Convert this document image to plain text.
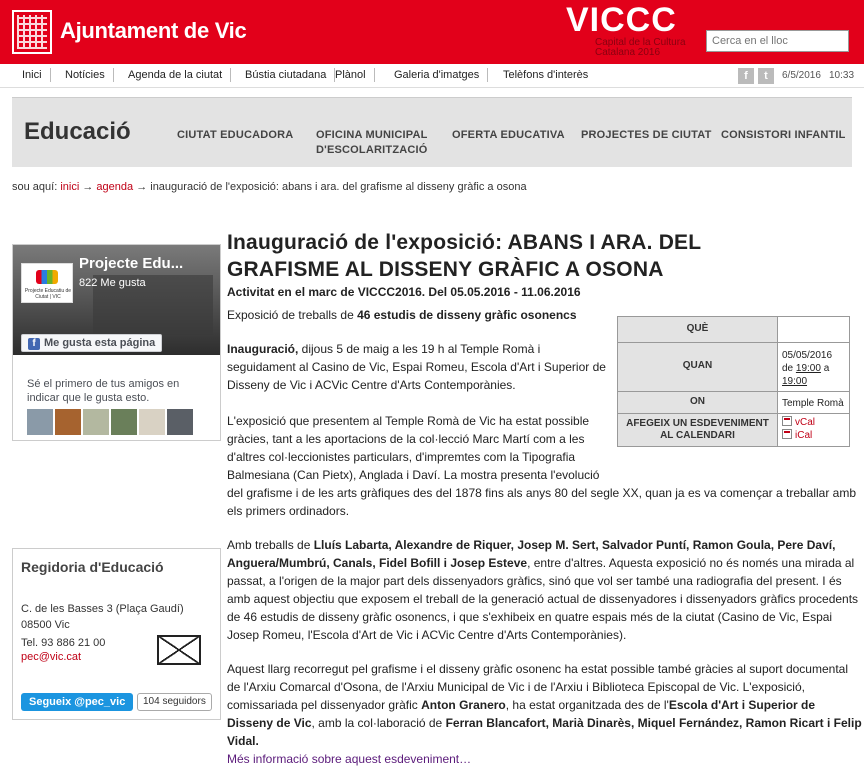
Ajuntament de Vic	VICCC
Capital de la Cultura Catalana 2016
Cerca en el lloc
Inici	Notícies	Agenda de la ciutat	Bústia ciutadana Plànol	Galeria d'imatges	Telèfons d'interès	f	t	6/5/2016 10:33
Educació	CIUTAT EDUCADORA OFICINA MUNICIPAL D'ESCOLARITZACIÓ
OFERTA EDUCATIVA PROJECTES DE CIUTAT CONSISTORI INFANTIL
sou aquí: inici → agenda → inauguració de l'exposició: abans i ara. del grafisme al disseny gràfic a osona
Projecte Educatiu de Ciutat | VIC
Projecte Edu...
822 Me gusta
f Me gusta esta página
Sé el primero de tus amigos en indicar que le gusta esto.
Regidoria d'Educació
C. de les Basses 3 (Plaça Gaudí)
08500 Vic
Tel. 93 886 21 00
pec@vic.cat
Segueix @pec_vic	104 seguidors
Inauguració de l'exposició: ABANS I ARA. DEL GRAFISME AL DISSENY GRÀFIC A OSONA
Activitat en el marc de VICCC2016. Del 05.05.2016 - 11.06.2016
Exposició de treballs de 46 estudis de disseny gràfic osonencs
Inauguració, dijous 5 de maig a les 19 h al Temple Romà i
seguidament al Casino de Vic, Espai Romeu, Escola d'Art i Superior de
Disseny de Vic i ACVic Centre d'Arts Contemporànies.
L'exposició que presentem al Temple Romà de Vic ha estat possible
gràcies, tant a les aportacions de la col·lecció Marc Martí com a les
d'altres col·leccionistes particulars, d'impremtes com la Tipografia
Balmesiana (Can Pietx), Anglada i Daví. La mostra presenta l'evolució
del grafisme i de les arts gràfiques des del 1878 fins als anys 80 del segle XX, quan ja es va començar a treballar amb
els primers ordinadors.
Amb treballs de Lluís Labarta, Alexandre de Riquer, Josep M. Sert, Salvador Puntí, Ramon Goula, Pere Daví,
Anguera/Mumbrú, Canals, Fidel Bofill i Josep Esteve, entre d'altres. Aquesta exposició no és només una mirada al
passat, a l'origen de la major part dels dissenyadors gràfics, sinó que vol ser també una radiografia del present. I és
amb aquest objectiu que exposem el treball de la generació actual de dissenyadores i dissenyadors gràfics procedents
de 46 estudis de disseny gràfic osonencs, i que s'exhibeix en quatre espais més de la ciutat (Casino de Vic, Espai
Josep Romeu, l'Escola d'Art de Vic i ACVic Centre d'Arts Contemporànies).
Aquest llarg recorregut pel grafisme i el disseny gràfic osonenc ha estat possible també gràcies al suport documental
de l'Arxiu Comarcal d'Osona, de l'Arxiu Municipal de Vic i de l'Arxiu i Biblioteca Episcopal de Vic. L'exposició,
comissariada pel dissenyador gràfic Anton Granero, ha estat organitzada des de l'Escola d'Art i Superior de
Disseny de Vic, amb la col·laboració de Ferran Blancafort, Marià Dinarès, Miquel Fernández, Ramon Ricart i Felip
Vidal.
Més informació sobre aquest esdeveniment…
QUÈ	
QUAN	05/05/2016 de 19:00 a 19:00
ON	Temple Romà
AFEGEIX UN ESDEVENIMENT AL CALENDARI	vCal
iCal
